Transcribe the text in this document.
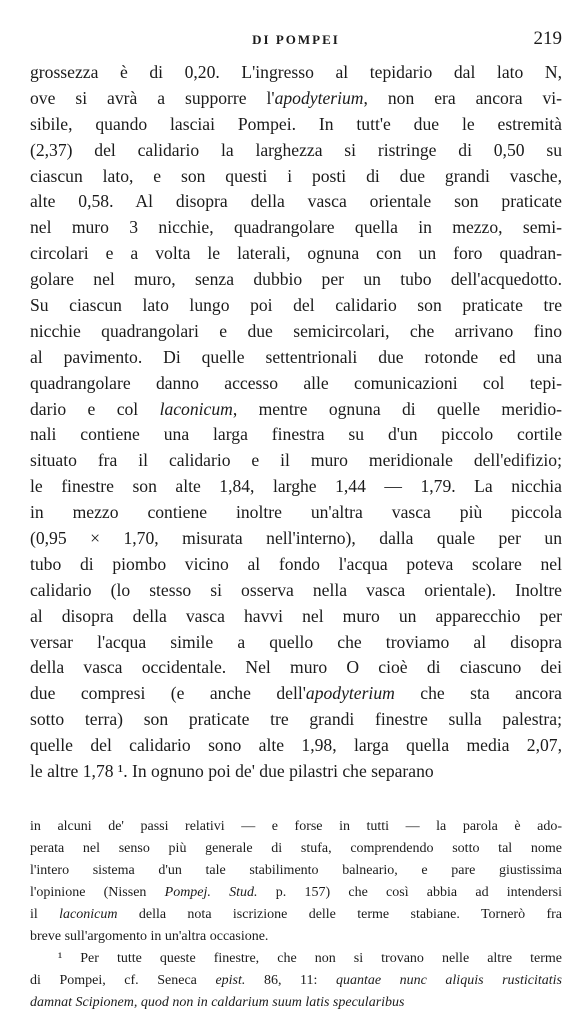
DI POMPEI	219
grossezza è di 0,20. L'ingresso al tepidario dal lato N,
ove si avrà a supporre l'apodyterium, non era ancora vi-
sibile, quando lasciai Pompei. In tutt'e due le estremità
(2,37) del calidario la larghezza si ristringe di 0,50 su
ciascun lato, e son questi i posti di due grandi vasche,
alte 0,58. Al disopra della vasca orientale son praticate
nel muro 3 nicchie, quadrangolare quella in mezzo, semi-
circolari e a volta le laterali, ognuna con un foro quadran-
golare nel muro, senza dubbio per un tubo dell'acquedotto.
Su ciascun lato lungo poi del calidario son praticate tre
nicchie quadrangolari e due semicircolari, che arrivano fino
al pavimento. Di quelle settentrionali due rotonde ed una
quadrangolare danno accesso alle comunicazioni col tepi-
dario e col laconicum, mentre ognuna di quelle meridio-
nali contiene una larga finestra su d'un piccolo cortile
situato fra il calidario e il muro meridionale dell'edifizio;
le finestre son alte 1,84, larghe 1,44 — 1,79. La nicchia
in mezzo contiene inoltre un'altra vasca più piccola
(0,95 × 1,70, misurata nell'interno), dalla quale per un
tubo di piombo vicino al fondo l'acqua poteva scolare nel
calidario (lo stesso si osserva nella vasca orientale). Inoltre
al disopra della vasca havvi nel muro un apparecchio per
versar l'acqua simile a quello che troviamo al disopra
della vasca occidentale. Nel muro O cioè di ciascuno dei
due compresi (e anche dell'apodyterium che sta ancora
sotto terra) son praticate tre grandi finestre sulla palestra;
quelle del calidario sono alte 1,98, larga quella media 2,07,
le altre 1,78 ¹. In ognuno poi de' due pilastri che separano
in alcuni de' passi relativi — e forse in tutti — la parola è ado-
perata nel senso più generale di stufa, comprendendo sotto tal nome
l'intero sistema d'un tale stabilimento balneario, e pare giustissima
l'opinione (Nissen Pompej. Stud. p. 157) che così abbia ad intendersi
il laconicum della nota iscrizione delle terme stabiane. Tornerò fra
breve sull'argomento in un'altra occasione.
¹ Per tutte queste finestre, che non si trovano nelle altre terme
di Pompei, cf. Seneca epist. 86, 11: quantae nunc aliquis rusticitatis
damnat Scipionem, quod non in caldarium suum latis specularibus
